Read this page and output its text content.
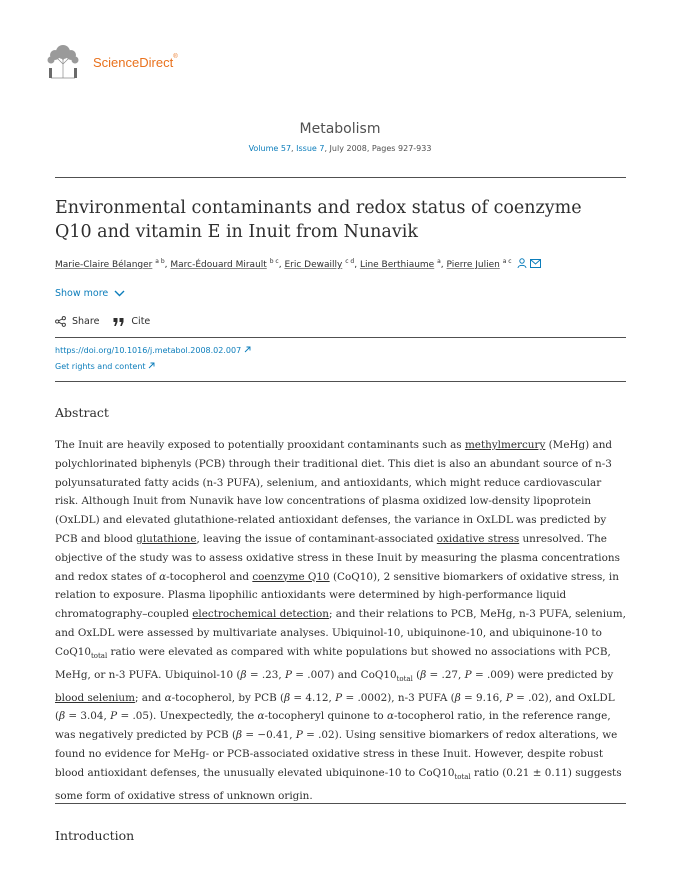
ScienceDirect®
Metabolism
Volume 57, Issue 7, July 2008, Pages 927-933
Environmental contaminants and redox status of coenzyme Q10 and vitamin E in Inuit from Nunavik
Marie-Claire Bélanger $^{a b}$, Marc-Édouard Mirault $^{b c}$, Eric Dewailly $^{c d}$, Line Berthiaume $^a$, Pierre Julien $^{a c}$
Show more
Share	Cite
https://doi.org/10.1016/j.metabol.2008.02.007
Get rights and content
Abstract
The Inuit are heavily exposed to potentially prooxidant contaminants such as methylmercury (MeHg) and polychlorinated biphenyls (PCB) through their traditional diet. This diet is also an abundant source of n-3 polyunsaturated fatty acids (n-3 PUFA), selenium, and antioxidants, which might reduce cardiovascular risk. Although Inuit from Nunavik have low concentrations of plasma oxidized low-density lipoprotein (OxLDL) and elevated glutathione-related antioxidant defenses, the variance in OxLDL was predicted by PCB and blood glutathione, leaving the issue of contaminant-associated oxidative stress unresolved. The objective of the study was to assess oxidative stress in these Inuit by measuring the plasma concentrations and redox states of α-tocopherol and coenzyme Q10 (CoQ10), 2 sensitive biomarkers of oxidative stress, in relation to exposure. Plasma lipophilic antioxidants were determined by high-performance liquid chromatography–coupled electrochemical detection; and their relations to PCB, MeHg, n-3 PUFA, selenium, and OxLDL were assessed by multivariate analyses. Ubiquinol-10, ubiquinone-10, and ubiquinone-10 to $CoQ10_{total}$ ratio were elevated as compared with white populations but showed no associations with PCB, MeHg, or n-3 PUFA. Ubiquinol-10 (β = .23, P = .007) and $CoQ10_{total}$ (β = .27, P = .009) were predicted by blood selenium; and α-tocopherol, by PCB (β = 4.12, P = .0002), n-3 PUFA (β = 9.16, P = .02), and OxLDL (β = 3.04, P = .05). Unexpectedly, the α-tocopheryl quinone to α-tocopherol ratio, in the reference range, was negatively predicted by PCB (β = −0.41, P = .02). Using sensitive biomarkers of redox alterations, we found no evidence for MeHg- or PCB-associated oxidative stress in these Inuit. However, despite robust blood antioxidant defenses, the unusually elevated ubiquinone-10 to $CoQ10_{total}$ ratio (0.21 ± 0.11) suggests some form of oxidative stress of unknown origin.
Introduction
